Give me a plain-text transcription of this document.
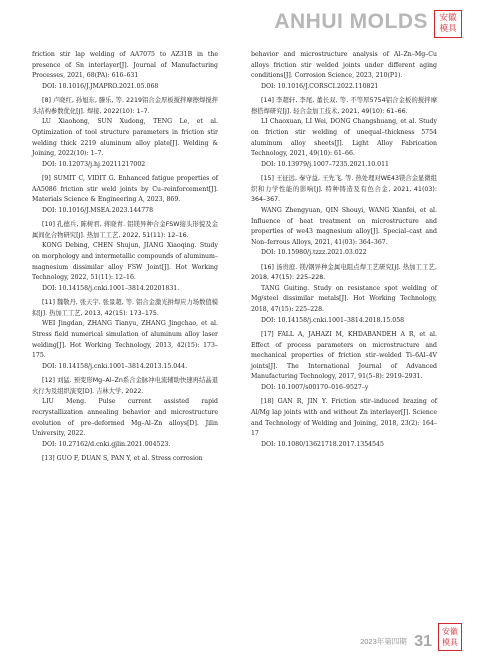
ANHUI MOLDS	安徽
模具
friction stir lap welding of AA7075 to AZ31B in the presence of Sn interlayer[J]. Journal of Manufacturing Processes, 2021, 68(PA): 616–631
DOI: 10.1016/J.JMAPRO.2021.05.068
[8] 卢晓红, 孙旭东, 滕乐, 等. 2219铝合金厚板搅拌摩擦焊搅拌头结构参数优化[J]. 焊接, 2022(10): 1–7.
LU Xiaohong, SUN Xudong, TENG Le, et al. Optimization of tool structure parameters in friction stir welding thick 2219 aluminum alloy plate[J]. Welding & Joining, 2022(10): 1–7.
DOI: 10.12073/j.hj.20211217002
[9] SUMIT C, VIDIT G. Enhanced fatigue properties of AA5086 friction stir weld joints by Cu–reinforcement[J]. Materials Science & Engineering A, 2023, 869.
DOI: 10.1016/J.MSEA.2023.144778
[10] 孔德兵, 陈树君, 蒋晓青. 铝镁异种合金FSW接头形貌及金属间化合物研究[J]. 热加工工艺, 2022, 51(11): 12–16.
KONG Debing, CHEN Shujun, JIANG Xiaoqing. Study on morphology and intermetallic compounds of aluminum–magnesium dissimilar alloy FSW Joint[J]. Hot Working Technology, 2022, 51(11): 12–16.
DOI: 10.14158/j.cnki.1001–3814.20201831.
[11] 魏敬丹, 张天宇, 张景超, 等. 铝合金激光拼焊应力场数值模拟[J]. 热加工工艺, 2013, 42(15): 173–175.
WEI Jingdan, ZHANG Tianyu, ZHANG Jingchao, et al. Stress field numerical simulation of aluminum alloy laser welding[J]. Hot Working Technology, 2013, 42(15): 173–175.
DOI: 10.14158/j.cnki.1001–3814.2013.15.044.
[12] 刘猛. 预变形Mg–Al–Zn系合金脉冲电流辅助快速再结晶退火行为及组织演变[D]. 吉林大学, 2022.
LIU Meng. Pulse current assisted rapid recrystallization annealing behavior and microstructure evolution of pre–deformed Mg–Al–Zn alloys[D]. Jilin University, 2022.
DOI: 10.27162/d.cnki.gjlin.2021.004523.
[13] GUO F, DUAN S, PAN Y, et al. Stress corrosion
behavior and microstructure analysis of Al–Zn–Mg–Cu alloys friction stir welded joints under different aging conditions[J]. Corrosion Science, 2023, 210(P1).
DOI: 10.1016/J.CORSCI.2022.110821
[14] 李超轩, 李尾, 董长双, 等. 不等厚5754铝合金板的搅拌摩擦搭焊研究[J]. 轻合金加工技术, 2021, 49(10): 61–66.
LI Chaoxuan, LI Wei, DONG Changshuang, et al. Study on friction stir welding of unequal–thickness 5754 aluminum alloy sheets[J]. Light Alloy Fabrication Technology, 2021, 49(10): 61–66.
DOI: 10.13979/j.1007–7235.2021.10.011
[15] 王征远, 秦守益, 王先飞, 等. 热处理对WE43镁合金显微组织和力学性能的影响[J]. 特种铸造及有色合金, 2021, 41(03): 364–367.
WANG Zhengyuan, QIN Shouyi, WANG Xianfei, et al. Influence of heat treatment on microstructure and properties of we43 magnesium alloy[J]. Special–cast and Non–ferrous Alloys, 2021, 41(03): 364–367.
DOI: 10.15980/j.tzzz.2021.03.022
[16] 汤贵庭. 镁/钢异种金属电阻点焊工艺研究[J]. 热加工工艺, 2018, 47(15): 225–228.
TANG Guiting. Study on resistance spot welding of Mg/steel dissimilar metals[J]. Hot Working Technology, 2018, 47(15): 225–228.
DOI: 10.14158/j.cnki.1001–3814.2018.15.058
[17] FALL A, JAHAZI M, KHDABANDEH A R, et al. Effect of process parameters on microstructure and mechanical properties of friction stir–welded Ti–6Al–4V joints[J]. The International Journal of Advanced Manufacturing Technology, 2017, 91(5–8): 2919–2931.
DOI: 10.1007/s00170–016–9527–y
[18] GAN R, JIN Y. Friction stir–induced brazing of Al/Mg lap joints with and without Zn interlayer[J]. Science and Technology of Welding and Joining, 2018, 23(2): 164–17
DOI: 10.1080/13621718.2017.1354545
2023年第四期 31
安徽
模具
